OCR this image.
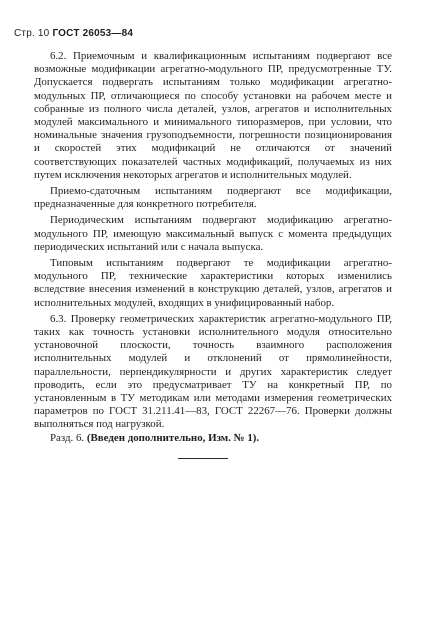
Стр. 10 ГОСТ 26053—84

6.2. Приемочным и квалификационным испытаниям подвергают все возможные модификации агрегатно-модульного ПР, предусмотренные ТУ. Допускается подвергать испытаниям только модификации агрегатно-модульных ПР, отличающиеся по способу установки на рабочем месте и собранные из полного числа деталей, узлов, агрегатов и исполнительных модулей максимального и минимального типоразмеров, при условии, что номинальные значения грузоподъемности, погрешности позиционирования и скоростей этих модификаций не отличаются от значений соответствующих показателей частных модификаций, получаемых из них путем исключения некоторых агрегатов и исполнительных модулей.

Приемо-сдаточным испытаниям подвергают все модификации, предназначенные для конкретного потребителя.

Периодическим испытаниям подвергают модификацию агрегатно-модульного ПР, имеющую максимальный выпуск с момента предыдущих периодических испытаний или с начала выпуска.

Типовым испытаниям подвергают те модификации агрегатно-модульного ПР, технические характеристики которых изменились вследствие внесения изменений в конструкцию деталей, узлов, агрегатов и исполнительных модулей, входящих в унифицированный набор.

6.3. Проверку геометрических характеристик агрегатно-модульного ПР, таких как точность установки исполнительного модуля относительно установочной плоскости, точность взаимного расположения исполнительных модулей и отклонений от прямолинейности, параллельности, перпендикулярности и других характеристик следует проводить, если это предусматривает ТУ на конкретный ПР, по установленным в ТУ методикам или методами измерения геометрических параметров по ГОСТ 31.211.41—83, ГОСТ 22267—76. Проверки должны выполняться под нагрузкой.

Разд. 6. (Введен дополнительно, Изм. № 1).
